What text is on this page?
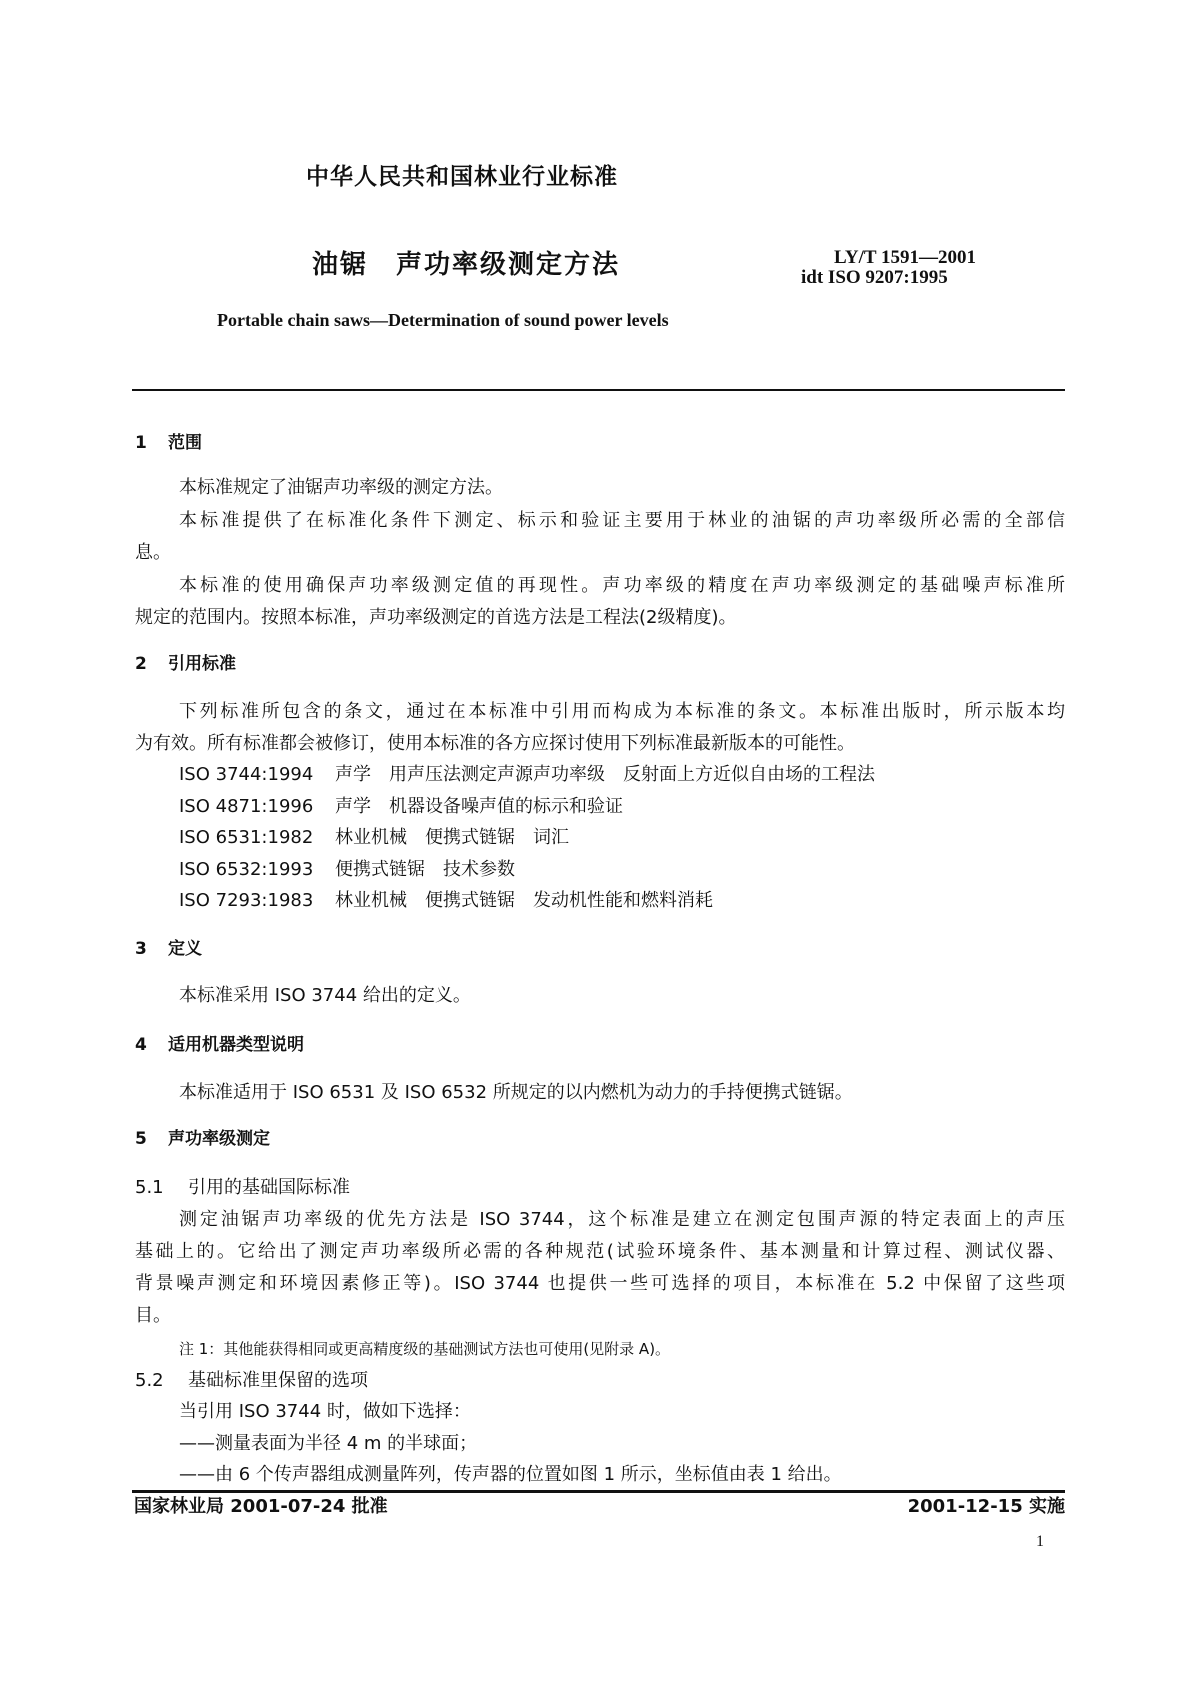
中华人民共和国林业行业标准
油锯　声功率级测定方法	LY/T 1591—2001
idt ISO 9207:1995
Portable chain saws—Determination of sound power levels
1 范围
本标准规定了油锯声功率级的测定方法。
本标准提供了在标准化条件下测定、标示和验证主要用于林业的油锯的声功率级所必需的全部信
息。
本标准的使用确保声功率级测定值的再现性。声功率级的精度在声功率级测定的基础噪声标准所
规定的范围内。按照本标准，声功率级测定的首选方法是工程法(2级精度)。
2 引用标准
下列标准所包含的条文，通过在本标准中引用而构成为本标准的条文。本标准出版时，所示版本均
为有效。所有标准都会被修订，使用本标准的各方应探讨使用下列标准最新版本的可能性。
ISO 3744:1994 声学　用声压法测定声源声功率级　反射面上方近似自由场的工程法
ISO 4871:1996 声学　机器设备噪声值的标示和验证
ISO 6531:1982 林业机械　便携式链锯　词汇
ISO 6532:1993 便携式链锯　技术参数
ISO 7293:1983 林业机械　便携式链锯　发动机性能和燃料消耗
3 定义
本标准采用 ISO 3744 给出的定义。
4 适用机器类型说明
本标准适用于 ISO 6531 及 ISO 6532 所规定的以内燃机为动力的手持便携式链锯。
5 声功率级测定
5.1 引用的基础国际标准
测定油锯声功率级的优先方法是 ISO 3744，这个标准是建立在测定包围声源的特定表面上的声压
基础上的。它给出了测定声功率级所必需的各种规范(试验环境条件、基本测量和计算过程、测试仪器、
背景噪声测定和环境因素修正等)。ISO 3744 也提供一些可选择的项目，本标准在 5.2 中保留了这些项
目。
注 1：其他能获得相同或更高精度级的基础测试方法也可使用(见附录 A)。
5.2 基础标准里保留的选项
当引用 ISO 3744 时，做如下选择：
——测量表面为半径 4 m 的半球面；
——由 6 个传声器组成测量阵列，传声器的位置如图 1 所示，坐标值由表 1 给出。
国家林业局 2001-07-24 批准	2001-12-15 实施
1
